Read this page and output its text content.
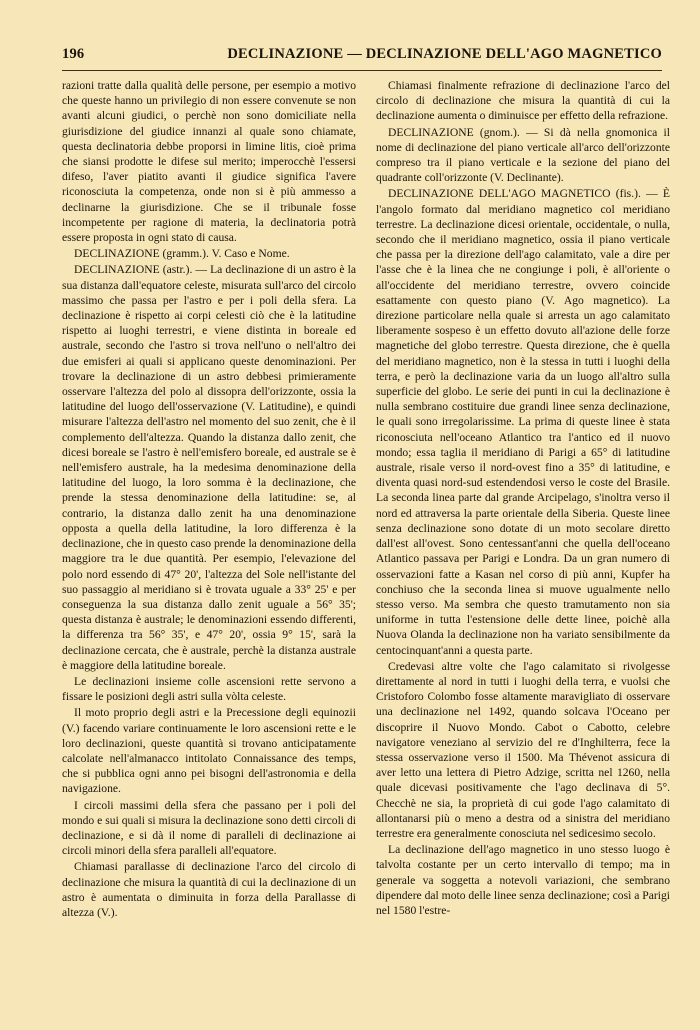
196	DECLINAZIONE — DECLINAZIONE DELL'AGO MAGNETICO

razioni tratte dalla qualità delle persone, per esempio a motivo che queste hanno un privilegio di non essere convenute se non avanti alcuni giudici, o perchè non sono domiciliate nella giurisdizione del giudice innanzi al quale sono chiamate, questa declinatoria debbe proporsi in limine litis, cioè prima che siansi prodotte le difese sul merito; imperocchè l'essersi difeso, l'aver piatito avanti il giudice significa l'avere riconosciuta la competenza, onde non si è più ammesso a declinarne la giurisdizione. Che se il tribunale fosse incompetente per ragione di materia, la declinatoria potrà essere proposta in ogni stato di causa.

DECLINAZIONE (gramm.). V. Caso e Nome.

DECLINAZIONE (astr.). — La declinazione di un astro è la sua distanza dall'equatore celeste, misurata sull'arco del circolo massimo che passa per l'astro e per i poli della sfera. La declinazione è rispetto ai corpi celesti ciò che è la latitudine rispetto ai luoghi terrestri, e viene distinta in boreale ed australe, secondo che l'astro si trova nell'uno o nell'altro dei due emisferi ai quali si applicano queste denominazioni. Per trovare la declinazione di un astro debbesi primieramente osservare l'altezza del polo al dissopra dell'orizzonte, ossia la latitudine del luogo dell'osservazione (V. Latitudine), e quindi misurare l'altezza dell'astro nel momento del suo zenit, che è il complemento dell'altezza. Quando la distanza dallo zenit, che dicesi boreale se l'astro è nell'emisfero boreale, ed australe se è nell'emisfero australe, ha la medesima denominazione della latitudine del luogo, la loro somma è la declinazione, che prende la stessa denominazione della latitudine: se, al contrario, la distanza dallo zenit ha una denominazione opposta a quella della latitudine, la loro differenza è la declinazione, che in questo caso prende la denominazione della maggiore tra le due quantità. Per esempio, l'elevazione del polo nord essendo di 47° 20', l'altezza del Sole nell'istante del suo passaggio al meridiano si è trovata uguale a 33° 25' e per conseguenza la sua distanza dallo zenit uguale a 56° 35'; questa distanza è australe; le denominazioni essendo differenti, la differenza tra 56° 35', e 47° 20', ossia 9° 15', sarà la declinazione cercata, che è australe, perchè la distanza australe è maggiore della latitudine boreale.

Le declinazioni insieme colle ascensioni rette servono a fissare le posizioni degli astri sulla vòlta celeste.

Il moto proprio degli astri e la Precessione degli equinozii (V.) facendo variare continuamente le loro ascensioni rette e le loro declinazioni, queste quantità si trovano anticipatamente calcolate nell'almanacco intitolato Connaissance des temps, che si pubblica ogni anno pei bisogni dell'astronomia e della navigazione.

I circoli massimi della sfera che passano per i poli del mondo e sui quali si misura la declinazione sono detti circoli di declinazione, e si dà il nome di paralleli di declinazione ai circoli minori della sfera paralleli all'equatore.

Chiamasi parallasse di declinazione l'arco del circolo di declinazione che misura la quantità di cui la declinazione di un astro è aumentata o diminuita in forza della Parallasse di altezza (V.).

Chiamasi finalmente refrazione di declinazione l'arco del circolo di declinazione che misura la quantità di cui la declinazione aumenta o diminuisce per effetto della refrazione.

DECLINAZIONE (gnom.). — Si dà nella gnomonica il nome di declinazione del piano verticale all'arco dell'orizzonte compreso tra il piano verticale e la sezione del piano del quadrante coll'orizzonte (V. Declinante).

DECLINAZIONE DELL'AGO MAGNETICO (fis.). — È l'angolo formato dal meridiano magnetico col meridiano terrestre. La declinazione dicesi orientale, occidentale, o nulla, secondo che il meridiano magnetico, ossia il piano verticale che passa per la direzione dell'ago calamitato, vale a dire per l'asse che è la linea che ne congiunge i poli, è all'oriente o all'occidente del meridiano terrestre, ovvero coincide esattamente con questo piano (V. Ago magnetico). La direzione particolare nella quale si arresta un ago calamitato liberamente sospeso è un effetto dovuto all'azione delle forze magnetiche del globo terrestre. Questa direzione, che è quella del meridiano magnetico, non è la stessa in tutti i luoghi della terra, e però la declinazione varia da un luogo all'altro sulla superficie del globo. Le serie dei punti in cui la declinazione è nulla sembrano costituire due grandi linee senza declinazione, le quali sono irregolarissime. La prima di queste linee è stata riconosciuta nell'oceano Atlantico tra l'antico ed il nuovo mondo; essa taglia il meridiano di Parigi a 65° di latitudine australe, risale verso il nord-ovest fino a 35° di latitudine, e diventa quasi nord-sud estendendosi verso le coste del Brasile. La seconda linea parte dal grande Arcipelago, s'inoltra verso il nord ed attraversa la parte orientale della Siberia. Queste linee senza declinazione sono dotate di un moto secolare diretto dall'est all'ovest. Sono centessant'anni che quella dell'oceano Atlantico passava per Parigi e Londra. Da un gran numero di osservazioni fatte a Kasan nel corso di più anni, Kupfer ha conchiuso che la seconda linea si muove ugualmente nello stesso verso. Ma sembra che questo tramutamento non sia uniforme in tutta l'estensione delle dette linee, poichè alla Nuova Olanda la declinazione non ha variato sensibilmente da centocinquant'anni a questa parte.

Credevasi altre volte che l'ago calamitato si rivolgesse direttamente al nord in tutti i luoghi della terra, e vuolsi che Cristoforo Colombo fosse altamente maravigliato di osservare una declinazione nel 1492, quando solcava l'Oceano per discoprire il Nuovo Mondo. Cabot o Cabotto, celebre navigatore veneziano al servizio del re d'Inghilterra, fece la stessa osservazione verso il 1500. Ma Thévenot assicura di aver letto una lettera di Pietro Adzige, scritta nel 1260, nella quale dicevasi positivamente che l'ago declinava di 5°. Checchè ne sia, la proprietà di cui gode l'ago calamitato di allontanarsi più o meno a destra od a sinistra del meridiano terrestre era generalmente conosciuta nel sedicesimo secolo.

La declinazione dell'ago magnetico in uno stesso luogo è talvolta costante per un certo intervallo di tempo; ma in generale va soggetta a notevoli variazioni, che sembrano dipendere dal moto delle linee senza declinazione; così a Parigi nel 1580 l'estre-
